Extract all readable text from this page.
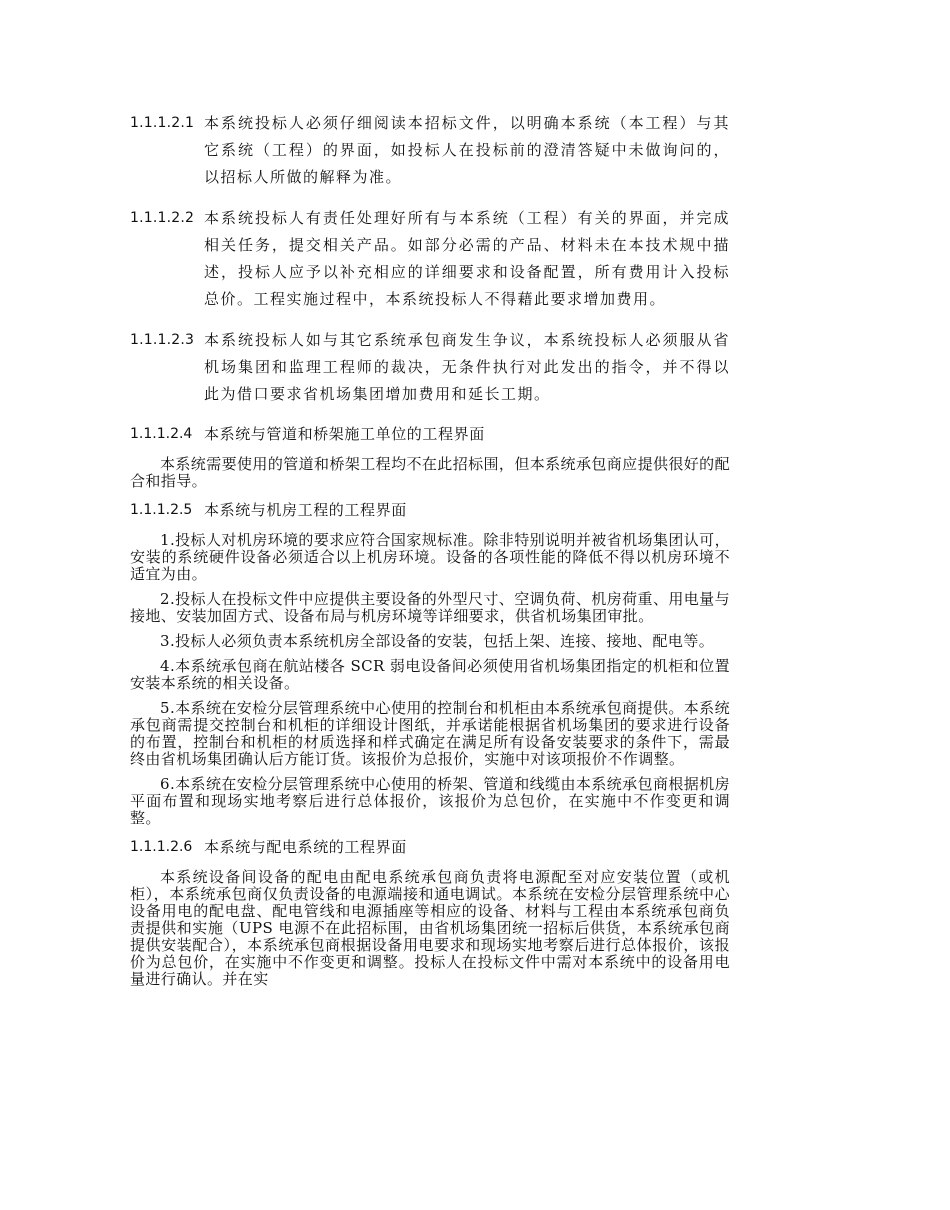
1.1.1.2.1 本系统投标人必须仔细阅读本招标文件，以明确本系统（本工程）与其它系统（工程）的界面，如投标人在投标前的澄清答疑中未做询问的，以招标人所做的解释为准。
1.1.1.2.2 本系统投标人有责任处理好所有与本系统（工程）有关的界面，并完成相关任务，提交相关产品。如部分必需的产品、材料未在本技术规中描述，投标人应予以补充相应的详细要求和设备配置，所有费用计入投标总价。工程实施过程中，本系统投标人不得藉此要求增加费用。
1.1.1.2.3 本系统投标人如与其它系统承包商发生争议，本系统投标人必须服从省机场集团和监理工程师的裁决，无条件执行对此发出的指令，并不得以此为借口要求省机场集团增加费用和延长工期。
1.1.1.2.4 本系统与管道和桥架施工单位的工程界面

本系统需要使用的管道和桥架工程均不在此招标围，但本系统承包商应提供很好的配合和指导。

1.1.1.2.5 本系统与机房工程的工程界面

1.投标人对机房环境的要求应符合国家规标准。除非特别说明并被省机场集团认可，安装的系统硬件设备必须适合以上机房环境。设备的各项性能的降低不得以机房环境不适宜为由。

2.投标人在投标文件中应提供主要设备的外型尺寸、空调负荷、机房荷重、用电量与接地、安装加固方式、设备布局与机房环境等详细要求，供省机场集团审批。

3.投标人必须负责本系统机房全部设备的安装，包括上架、连接、接地、配电等。

4.本系统承包商在航站楼各 SCR 弱电设备间必须使用省机场集团指定的机柜和位置安装本系统的相关设备。

5.本系统在安检分层管理系统中心使用的控制台和机柜由本系统承包商提供。本系统承包商需提交控制台和机柜的详细设计图纸，并承诺能根据省机场集团的要求进行设备的布置，控制台和机柜的材质选择和样式确定在满足所有设备安装要求的条件下，需最终由省机场集团确认后方能订货。该报价为总报价，实施中对该项报价不作调整。

6.本系统在安检分层管理系统中心使用的桥架、管道和线缆由本系统承包商根据机房平面布置和现场实地考察后进行总体报价，该报价为总包价，在实施中不作变更和调整。

1.1.1.2.6 本系统与配电系统的工程界面

本系统设备间设备的配电由配电系统承包商负责将电源配至对应安装位置（或机柜），本系统承包商仅负责设备的电源端接和通电调试。本系统在安检分层管理系统中心设备用电的配电盘、配电管线和电源插座等相应的设备、材料与工程由本系统承包商负责提供和实施（UPS 电源不在此招标围，由省机场集团统一招标后供货，本系统承包商提供安装配合），本系统承包商根据设备用电要求和现场实地考察后进行总体报价，该报价为总包价，在实施中不作变更和调整。投标人在投标文件中需对本系统中的设备用电量进行确认。并在实
